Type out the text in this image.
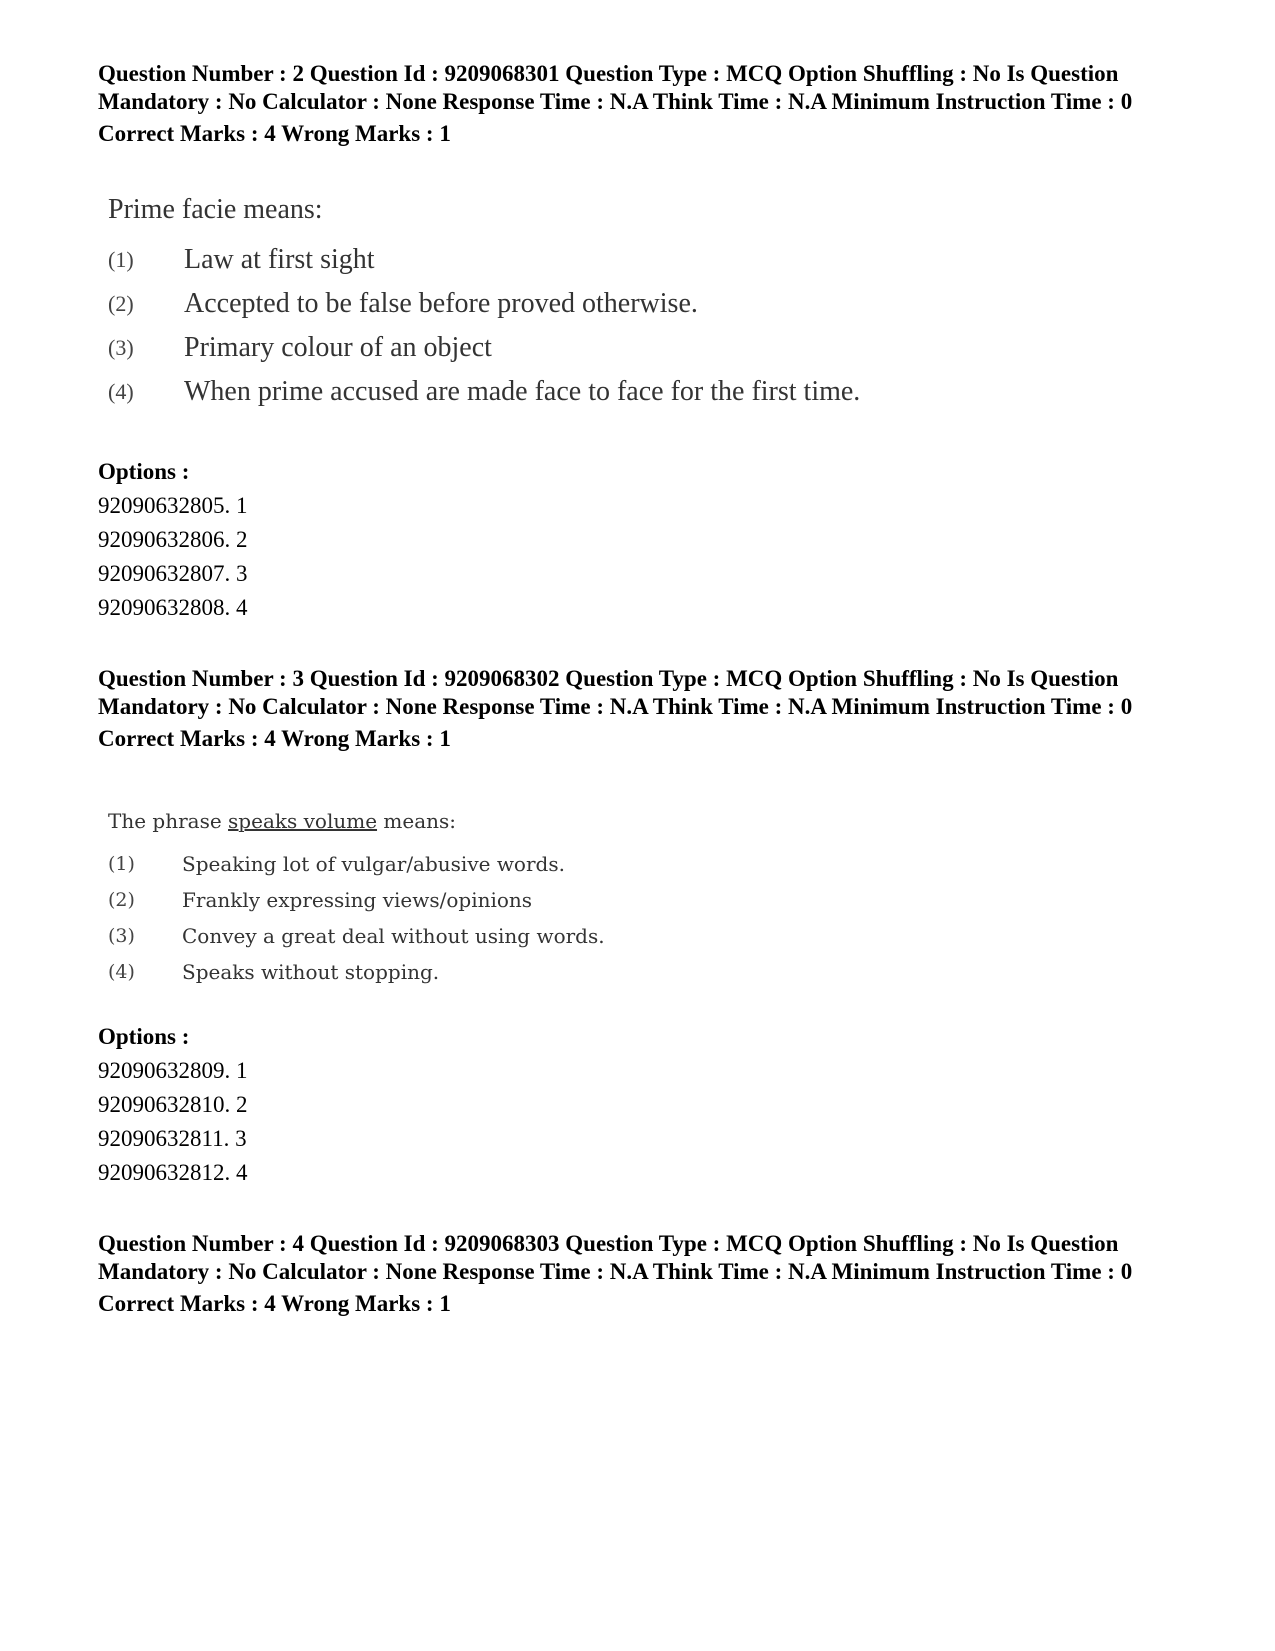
Question Number : 2 Question Id : 9209068301 Question Type : MCQ Option Shuffling : No Is Question Mandatory : No Calculator : None Response Time : N.A Think Time : N.A Minimum Instruction Time : 0

Correct Marks : 4 Wrong Marks : 1

Prime facie means:

(1) Law at first sight
(2) Accepted to be false before proved otherwise.
(3) Primary colour of an object
(4) When prime accused are made face to face for the first time.
Options :
92090632805. 1
92090632806. 2
92090632807. 3
92090632808. 4

Question Number : 3 Question Id : 9209068302 Question Type : MCQ Option Shuffling : No Is Question Mandatory : No Calculator : None Response Time : N.A Think Time : N.A Minimum Instruction Time : 0

Correct Marks : 4 Wrong Marks : 1

The phrase speaks volume means:

(1) Speaking lot of vulgar/abusive words.
(2) Frankly expressing views/opinions
(3) Convey a great deal without using words.
(4) Speaks without stopping.
Options :
92090632809. 1
92090632810. 2
92090632811. 3
92090632812. 4

Question Number : 4 Question Id : 9209068303 Question Type : MCQ Option Shuffling : No Is Question Mandatory : No Calculator : None Response Time : N.A Think Time : N.A Minimum Instruction Time : 0

Correct Marks : 4 Wrong Marks : 1
